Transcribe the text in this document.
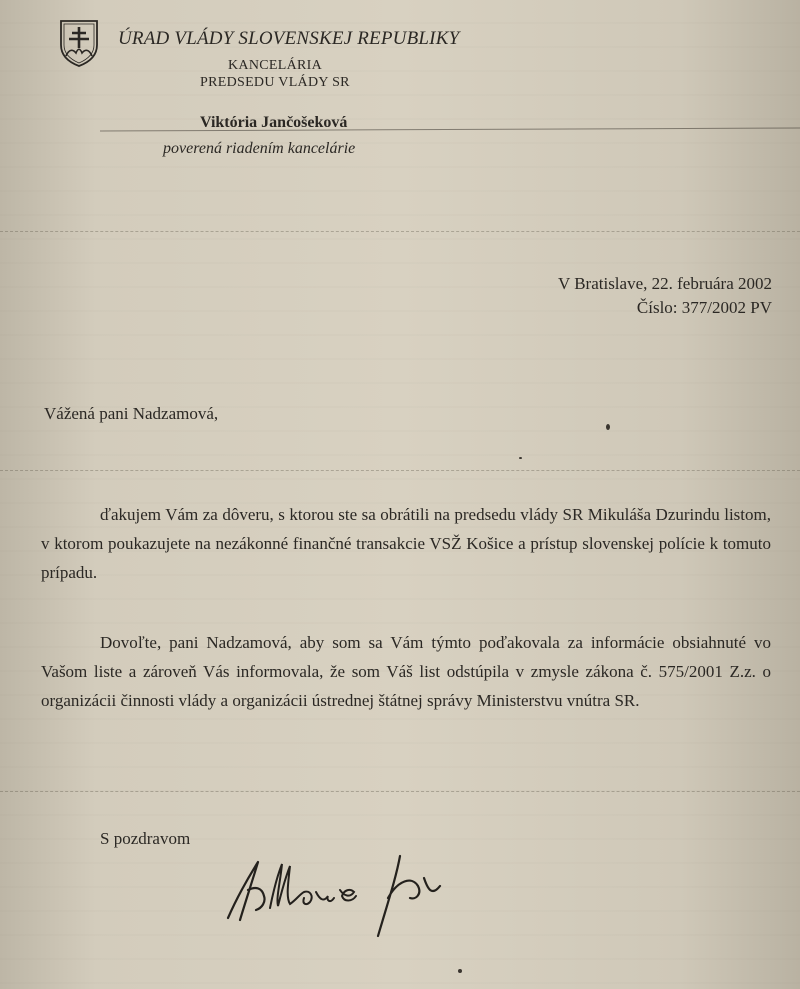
ÚRAD VLÁDY SLOVENSKEJ REPUBLIKY
KANCELÁRIA
PREDSEDU VLÁDY SR
Viktória Jančošeková
poverená riadením kancelárie
V Bratislave, 22. februára 2002
Číslo: 377/2002 PV
Vážená pani Nadzamová,
ďakujem Vám za dôveru, s ktorou ste sa obrátili na predsedu vlády SR Mikuláša Dzurindu listom, v ktorom poukazujete na nezákonné finančné transakcie VSŽ Košice a prístup slovenskej polície k tomuto prípadu.
Dovoľte, pani Nadzamová, aby som sa Vám týmto poďakovala za informácie obsiahnuté vo Vašom liste a zároveň Vás informovala, že som Váš list odstúpila v zmysle zákona č. 575/2001 Z.z. o organizácii činnosti vlády a organizácii ústrednej štátnej správy Ministerstvu vnútra SR.
S pozdravom
